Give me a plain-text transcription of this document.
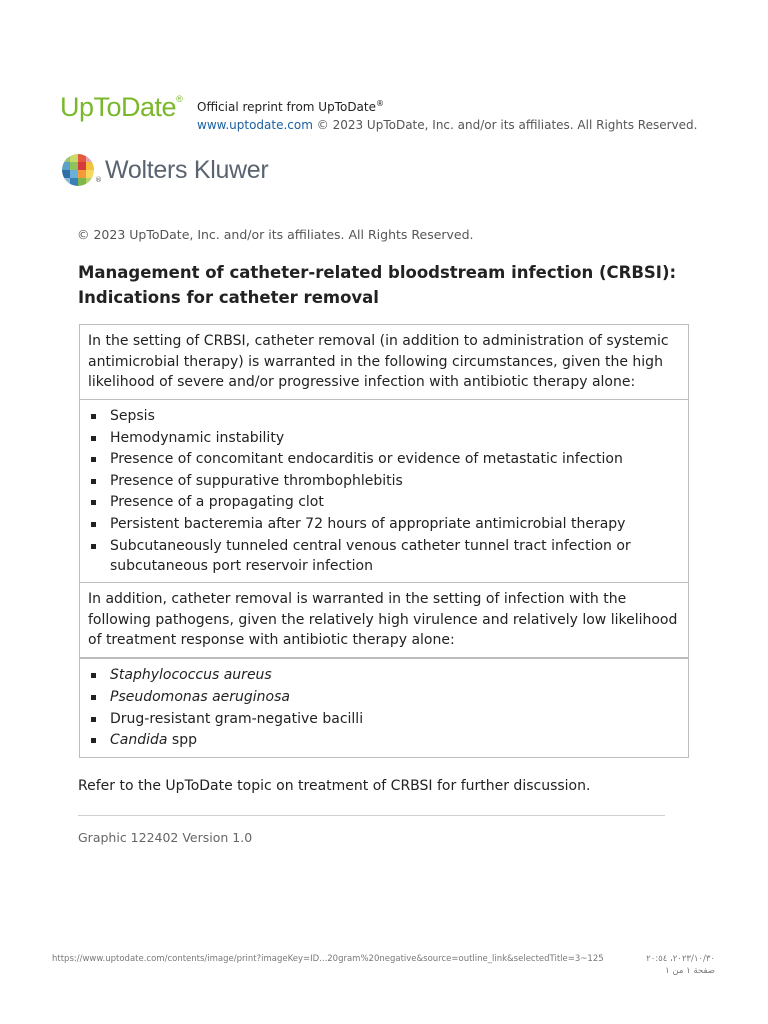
UpToDate®
Official reprint from UpToDate®
www.uptodate.com © 2023 UpToDate, Inc. and/or its affiliates. All Rights Reserved.
® Wolters Kluwer
© 2023 UpToDate, Inc. and/or its affiliates. All Rights Reserved.
Management of catheter-related bloodstream infection (CRBSI): Indications for catheter removal
In the setting of CRBSI, catheter removal (in addition to administration of systemic antimicrobial therapy) is warranted in the following circumstances, given the high likelihood of severe and/or progressive infection with antibiotic therapy alone:
Sepsis
Hemodynamic instability
Presence of concomitant endocarditis or evidence of metastatic infection
Presence of suppurative thrombophlebitis
Presence of a propagating clot
Persistent bacteremia after 72 hours of appropriate antimicrobial therapy
Subcutaneously tunneled central venous catheter tunnel tract infection or subcutaneous port reservoir infection
In addition, catheter removal is warranted in the setting of infection with the following pathogens, given the relatively high virulence and relatively low likelihood of treatment response with antibiotic therapy alone:
Staphylococcus aureus
Pseudomonas aeruginosa
Drug-resistant gram-negative bacilli
Candida spp
Refer to the UpToDate topic on treatment of CRBSI for further discussion.
Graphic 122402 Version 1.0
https://www.uptodate.com/contents/image/print?imageKey=ID...20gram%20negative&source=outline_link&selectedTitle=3~125	٢٠٢٣/١٠/٣٠، ٢٠:٥٤
صفحة ١ من ١
